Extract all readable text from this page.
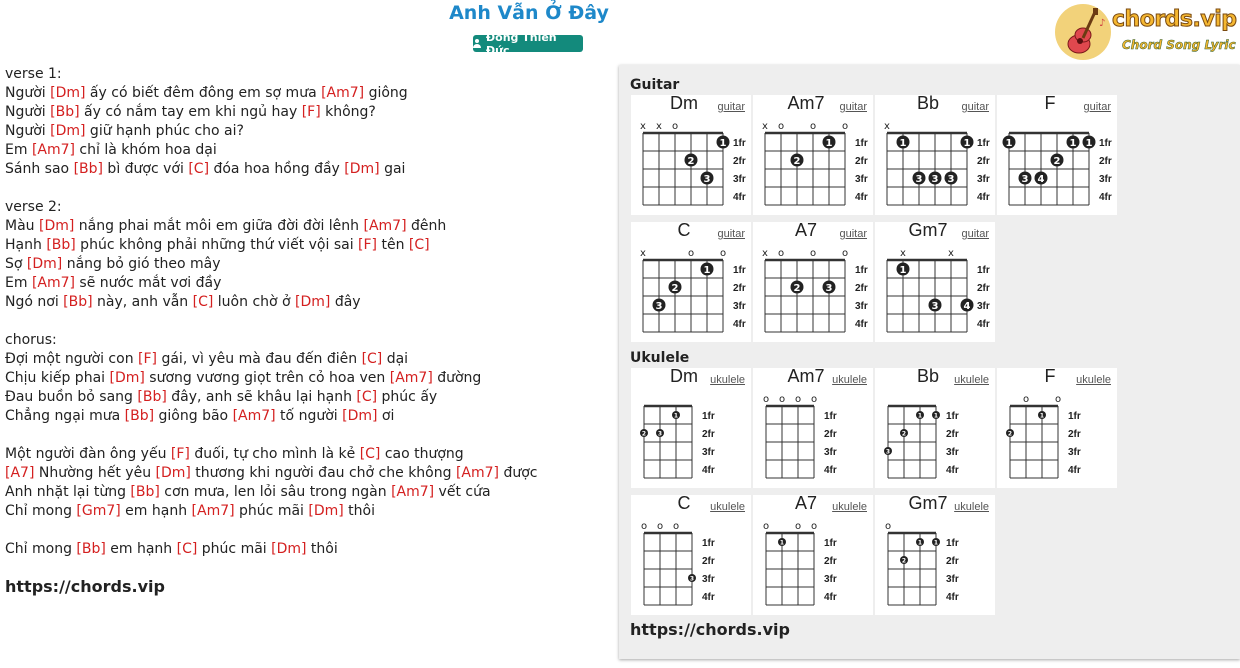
Anh Vẫn Ở Đây
Đông Thiên Đức
♪ chords.vip
Chord Song Lyric
verse 1:
Người [Dm] ấy có biết đêm đông em sợ mưa [Am7] giông
Người [Bb] ấy có nắm tay em khi ngủ hay [F] không?
Người [Dm] giữ hạnh phúc cho ai?
Em [Am7] chỉ là khóm hoa dại
Sánh sao [Bb] bì được với [C] đóa hoa hồng đầy [Dm] gai
verse 2:
Màu [Dm] nắng phai mắt môi em giữa đời đời lênh [Am7] đênh
Hạnh [Bb] phúc không phải những thứ viết vội sai [F] tên [C]
Sợ [Dm] nắng bỏ gió theo mây
Em [Am7] sẽ nước mắt vơi đầy
Ngó nơi [Bb] này, anh vẫn [C] luôn chờ ở [Dm] đây
chorus:
Đợi một người con [F] gái, vì yêu mà đau đến điên [C] dại
Chịu kiếp phai [Dm] sương vương giọt trên cỏ hoa ven [Am7] đường
Đau buồn bỏ sang [Bb] đây, anh sẽ khâu lại hạnh [C] phúc ấy
Chẳng ngại mưa [Bb] giông bão [Am7] tố người [Dm] ơi
Một người đàn ông yếu [F] đuối, tự cho mình là kẻ [C] cao thượng
[A7] Nhường hết yêu [Dm] thương khi người đau chở che không [Am7] được
Anh nhặt lại từng [Bb] cơn mưa, len lỏi sâu trong ngàn [Am7] vết cứa
Chỉ mong [Gm7] em hạnh [Am7] phúc mãi [Dm] thôi
Chỉ mong [Bb] em hạnh [C] phúc mãi [Dm] thôi
https://chords.vip
Guitar
x x o
1
2
3
1fr
2fr
3fr
4fr
Dm	guitar
x o	o	o
1
2
1fr
2fr
3fr
4fr
Am7	guitar
x
1	1
3 3 3
1fr
2fr
3fr
4fr
Bb	guitar
1	1 1
2
3 4
1fr
2fr
3fr
4fr
F	guitar
x	o	o
1
2
3
1fr
2fr
3fr
4fr
C	guitar
x o	o	o
2	3
1fr
2fr
3fr
4fr
A7	guitar
x	x
1
3	4
1fr
2fr
3fr
4fr
Gm7	guitar
Ukulele
1
2 3
1fr
2fr
3fr
4fr
Dm	ukulele
o o o o
1fr
2fr
3fr
4fr
Am7 ukulele
1 1
2
3
1fr
2fr
3fr
4fr
Bb	ukulele
o	o
1
2
1fr
2fr
3fr
4fr
F	ukulele
o o o
3
1fr
2fr
3fr
4fr
C	ukulele
o	o o
1	1fr
2fr
3fr
4fr
A7	ukulele
o
1 1
2
1fr
2fr
3fr
4fr
Gm7 ukulele
https://chords.vip
